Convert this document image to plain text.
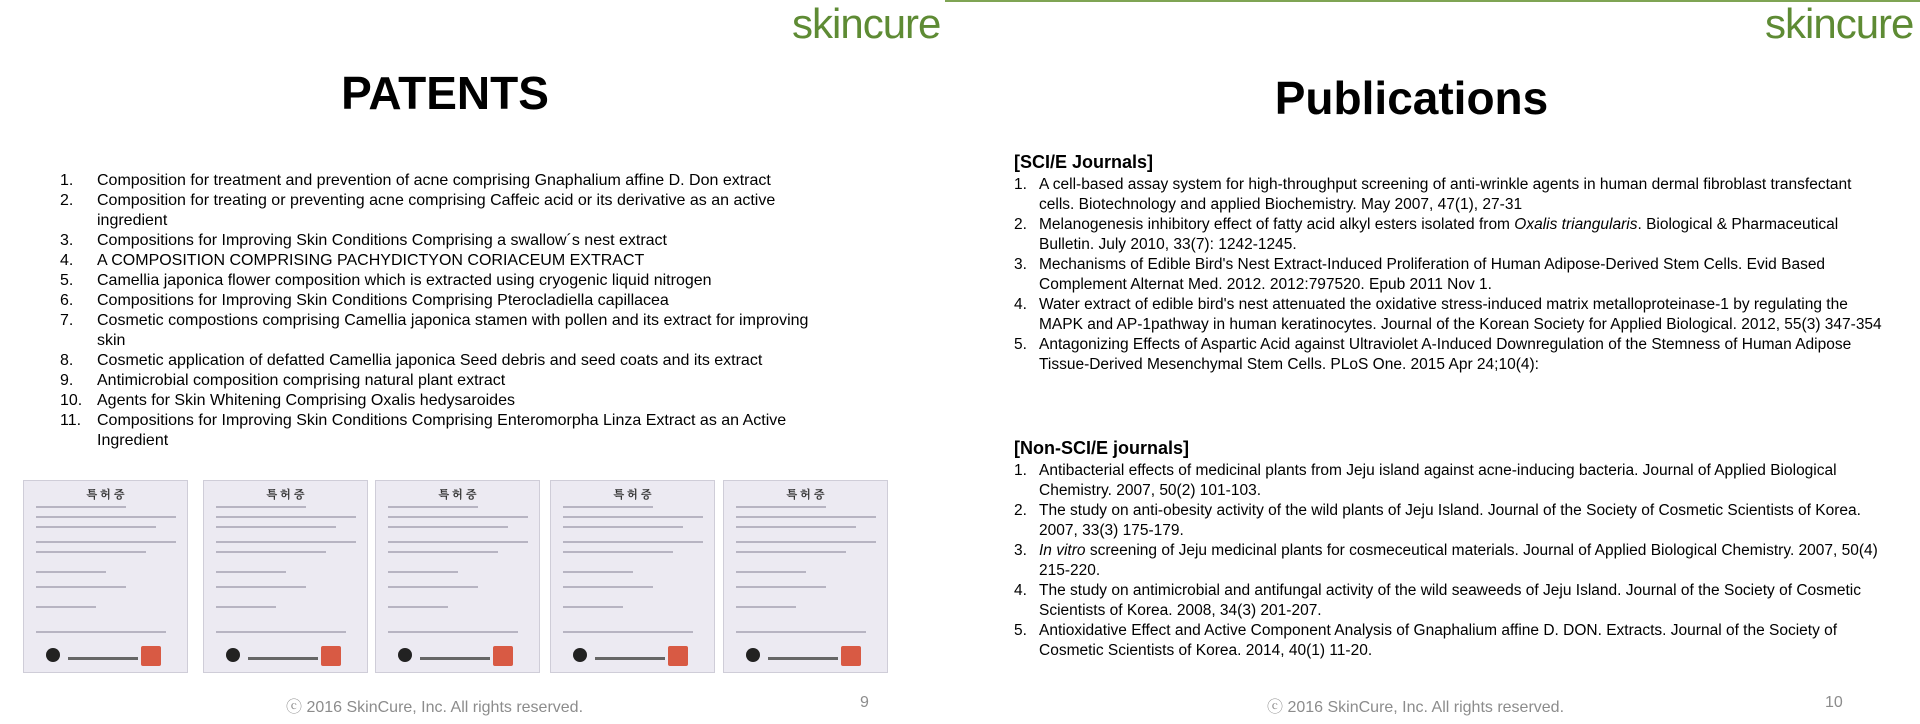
skincure
PATENTS
1. Composition for treatment and prevention of acne comprising Gnaphalium affine D. Don extract
2. Composition for treating or preventing acne comprising Caffeic acid or its derivative as an active ingredient
3. Compositions for Improving Skin Conditions Comprising a swallow´s nest extract
4. A COMPOSITION COMPRISING PACHYDICTYON CORIACEUM EXTRACT
5. Camellia japonica flower composition which is extracted using cryogenic liquid nitrogen
6. Compositions for Improving Skin Conditions Comprising Pterocladiella capillacea
7. Cosmetic compostions comprising Camellia japonica stamen with pollen and its extract for improving skin
8. Cosmetic application of defatted Camellia japonica Seed debris and seed coats and its extract
9. Antimicrobial composition comprising natural plant extract
10. Agents for Skin Whitening Comprising Oxalis hedysaroides
11. Compositions for Improving Skin Conditions Comprising Enteromorpha Linza Extract as an Active Ingredient
특 허 증	특 허 증	특 허 증	특 허 증	특 허 증
ⓒ 2016 SkinCure, Inc. All rights reserved.	9
skincure
Publications
[SCI/E Journals]
1. A cell-based assay system for high-throughput screening of anti-wrinkle agents in human dermal fibroblast transfectant cells. Biotechnology and applied Biochemistry. May 2007, 47(1), 27-31
2. Melanogenesis inhibitory effect of fatty acid alkyl esters isolated from Oxalis triangularis. Biological & Pharmaceutical Bulletin. July 2010, 33(7): 1242-1245.
3. Mechanisms of Edible Bird's Nest Extract-Induced Proliferation of Human Adipose-Derived Stem Cells. Evid Based Complement Alternat Med. 2012. 2012:797520. Epub 2011 Nov 1.
4. Water extract of edible bird's nest attenuated the oxidative stress-induced matrix metalloproteinase-1 by regulating the MAPK and AP-1pathway in human keratinocytes. Journal of the Korean Society for Applied Biological. 2012, 55(3) 347-354
5. Antagonizing Effects of Aspartic Acid against Ultraviolet A-Induced Downregulation of the Stemness of Human Adipose Tissue-Derived Mesenchymal Stem Cells. PLoS One. 2015 Apr 24;10(4):
[Non-SCI/E journals]
1. Antibacterial effects of medicinal plants from Jeju island against acne-inducing bacteria. Journal of Applied Biological Chemistry. 2007, 50(2) 101-103.
2. The study on anti-obesity activity of the wild plants of Jeju Island. Journal of the Society of Cosmetic Scientists of Korea. 2007, 33(3) 175-179.
3. In vitro screening of Jeju medicinal plants for cosmeceutical materials. Journal of Applied Biological Chemistry. 2007, 50(4) 215-220.
4. The study on antimicrobial and antifungal activity of the wild seaweeds of Jeju Island. Journal of the Society of Cosmetic Scientists of Korea. 2008, 34(3) 201-207.
5. Antioxidative Effect and Active Component Analysis of Gnaphalium affine D. DON. Extracts. Journal of the Society of Cosmetic Scientists of Korea. 2014, 40(1) 11-20.
ⓒ 2016 SkinCure, Inc. All rights reserved.	10
